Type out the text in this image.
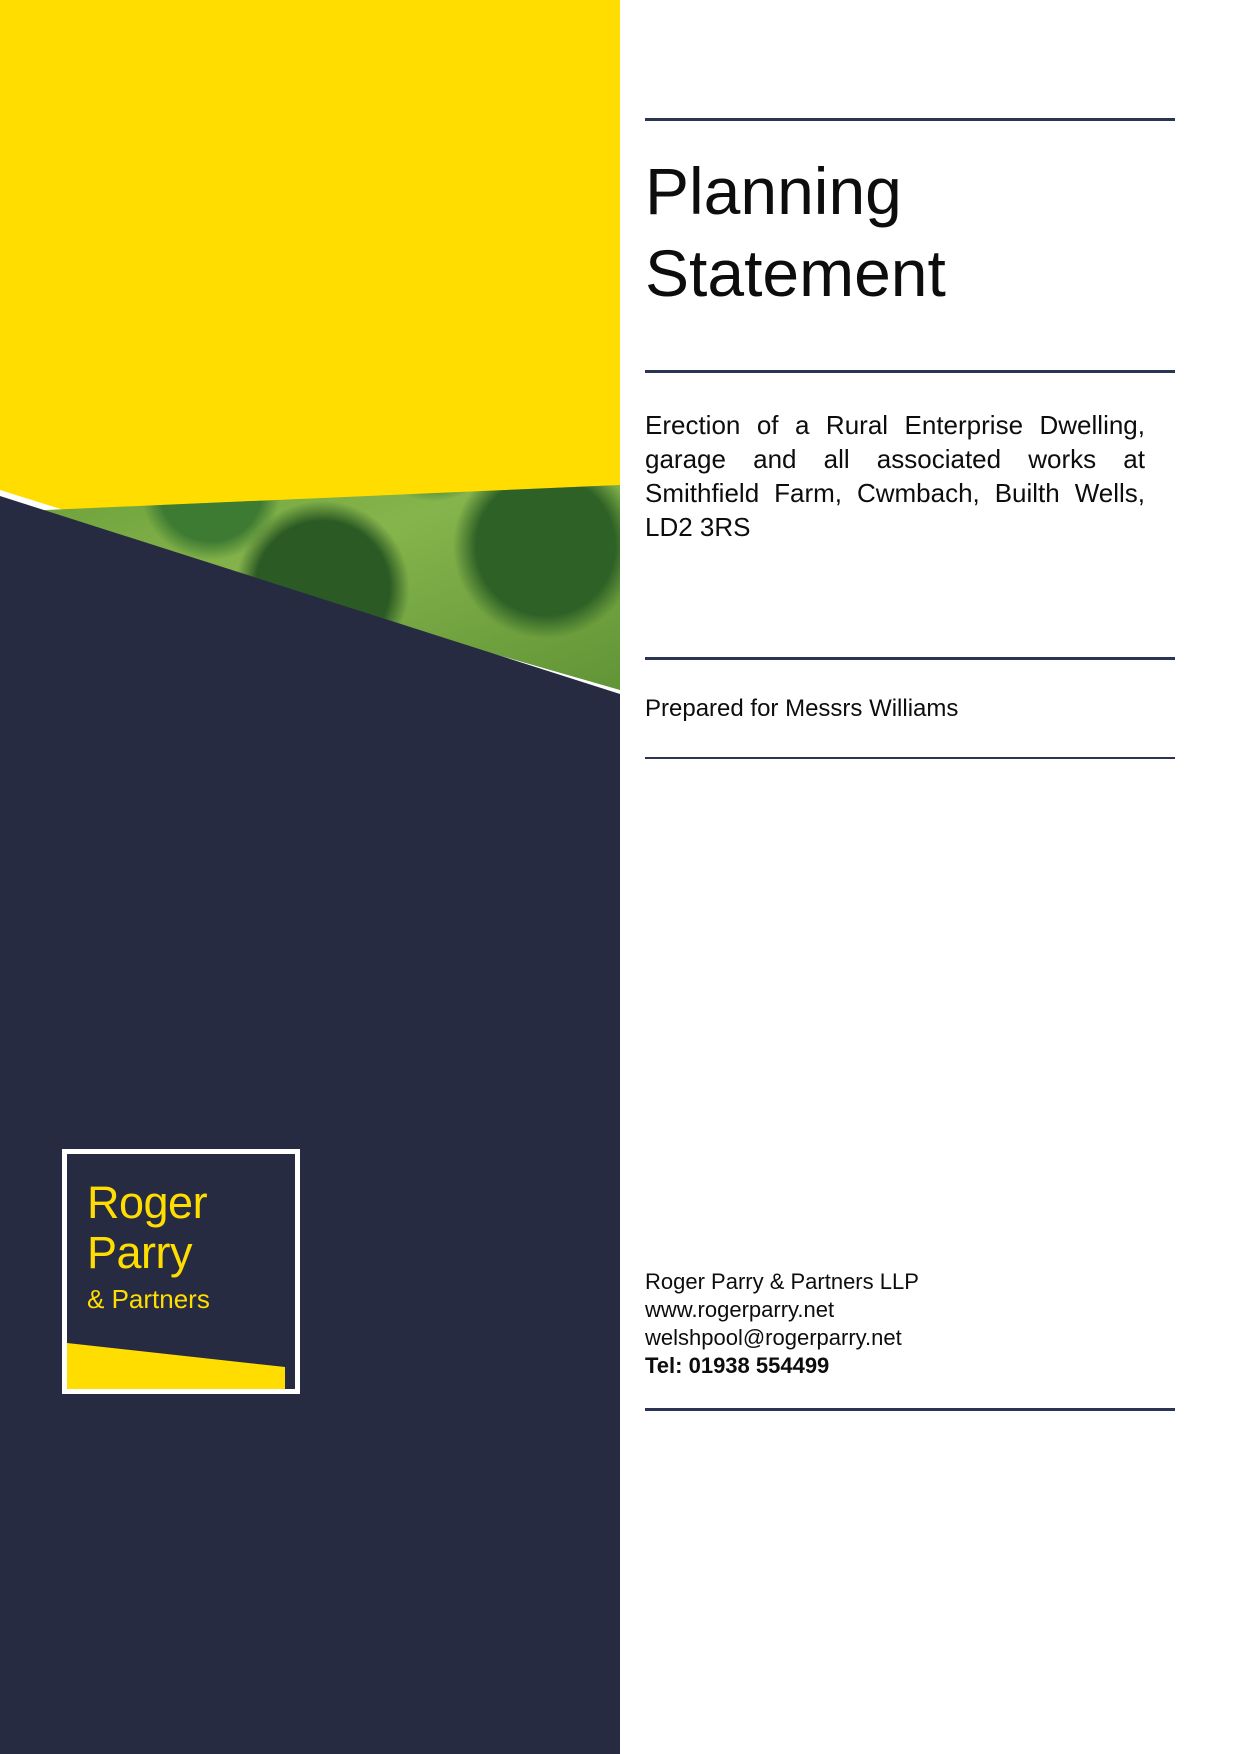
Roger
Parry
& Partners
Planning
Statement
Erection of a Rural Enterprise Dwelling, garage and all associated works at Smithfield Farm, Cwmbach, Builth Wells, LD2 3RS
Prepared for Messrs Williams
Roger Parry & Partners LLP
www.rogerparry.net
welshpool@rogerparry.net
Tel: 01938 554499
